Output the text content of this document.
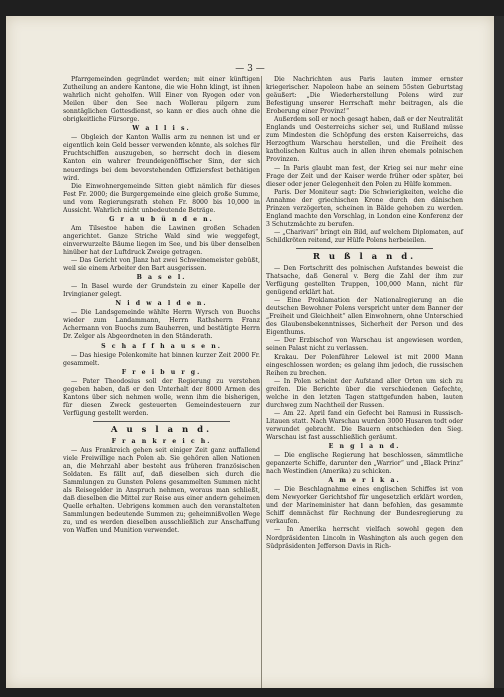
— 3 —

Pfarrgemeinden gegründet werden; mit einer künftigen Zutheilung an andere Kantone, die wie Hohn klingt, ist ihnen wahrlich nicht geholfen. Will Einer von Ryogen oder von Meilen über den See nach Wollerau pilgern zum sonntäglichen Gottesdienst, so kann er dies auch ohne die obrigkeitliche Fürsorge.

W a l l i s.

— Obgleich der Kanton Wallis arm zu nennen ist und er eigentlich kein Geld besser verwenden könnte, als solches für Fruchtschiffen auszugeben, so herrscht doch in diesem Kanton ein wahrer freundeigenöffischer Sinn, der sich neuerdings bei dem bevorstehenden Offiziersfest bethätigen wird.

Die Einwohnergemeinde Sitten giebt nämlich für dieses Fest Fr. 2000; die Burgergemeinde eine gleich große Summe, und vom Regierungsrath stehen Fr. 8000 bis 10,000 in Aussicht. Wahrlich nicht unbedeutende Beträge.

G r a u b ü n d e n.

Am Tilsestoe haben die Lawinen großen Schaden angerichtet. Ganze Striche Wald sind wie weggefegt, einverwurzelte Bäume liegen im See, und bis über denselben hinüber hat der Luftdruck Zweige getragen.

— Das Gericht von Jlanz hat zwei Schweinemeister gebüßt, weil sie einem Arbeiter den Bart ausgerissen.

B a s e l.

— In Basel wurde der Grundstein zu einer Kapelle der Irvingianer gelegt.

N i d w a l d e n.

— Die Landsgemeinde wählte Herrn Wyrsch von Buochs wieder zum Landammann, Herrn Rathsherrn Franz Achermann von Buochs zum Bauherren, und bestätigte Herrn Dr. Zelger als Abgeordneten in den Ständerath.

S c h a f f h a u s e n.

— Das hiesige Polenkomite hat binnen kurzer Zeit 2000 Fr. gesammelt.

F r e i b u r g.

— Pater Theodosius soll der Regierung zu verstehen gegeben haben, daß er den Unterhalt der 8000 Armen des Kantons über sich nehmen wolle, wenn ihm die bisherigen, für diesen Zweck gesteuerten Gemeindesteuern zur Verfügung gestellt werden.

A u s l a n d.
F r a n k r e i c h.

— Aus Frankreich gehen seit einiger Zeit ganz auffallend viele Freiwillige nach Polen ab. Sie gehören allen Nationen an, die Mehrzahl aber besteht aus früheren französischen Soldaten. Es fällt auf, daß dieselben sich durch die Sammlungen zu Gunsten Polens gesammelten Summen nicht als Reisegelder in Anspruch nehmen, woraus man schließt, daß dieselben die Mittel zur Reise aus einer andern geheimen Quelle erhalten. Uebrigens kommen auch den veranstalteten Sammlungen bedeutende Summen zu; geheimnißvollen Wege zu, und es werden dieselben ausschließlich zur Anschaffung von Waffen und Munition verwendet.

Die Nachrichten aus Paris lauten immer ernster kriegerischer. Napoleon habe an seinem 55sten Geburtstag geäußert: „Die Wiederherstellung Polens wird zur Befestigung unserer Herrschaft mehr beitragen, als die Eroberung einer Provinz!“

Außerdem soll er noch gesagt haben, daß er der Neutralität Englands und Oesterreichs sicher sei, und Rußland müsse zum Mindesten die Schöpfung des ersten Kaiserreichs, das Herzogthum Warschau herstellen, und die Freiheit des katholischen Kultus auch in allen ihren ehemals polnischen Provinzen.

— In Paris glaubt man fest, der Krieg sei nur mehr eine Frage der Zeit und der Kaiser werde früher oder später, bei dieser oder jener Gelegenheit den Polen zu Hülfe kommen.

Paris. Der Moniteur sagt: Die Schwierigkeiten, welche die Annahme der griechischen Krone durch den dänischen Prinzen verzögerten, scheinen in Bälde gehoben zu werden. England machte den Vorschlag, in London eine Konferenz der 3 Schutzmächte zu berufen.

— „Charivari“ bringt ein Bild, auf welchem Diplomaten, auf Schildkröten reitend, zur Hülfe Polens herbeieilen.

R u ß l a n d.

— Den Fortschritt des polnischen Aufstandes beweist die Thatsache, daß General v. Berg die Zahl der ihm zur Verfügung gestellten Truppen, 100,000 Mann, nicht für genügend erklärt hat.

— Eine Proklamation der Nationalregierung an die deutschen Bewohner Polens verspricht unter dem Banner der „Freiheit und Gleichheit“ allen Einwohnern, ohne Unterschied des Glaubensbekenntnisses, Sicherheit der Person und des Eigenthums.

— Der Erzbischof von Warschau ist angewiesen worden, seinen Palast nicht zu verlassen.

Krakau. Der Polenführer Lelewel ist mit 2000 Mann eingeschlossen worden; es gelang ihm jedoch, die russischen Reihen zu brechen.

— In Polen scheint der Aufstand aller Orten um sich zu greifen. Die Berichte über die verschiedenen Gefechte, welche in den letzten Tagen stattgefunden haben, lauten durchweg zum Nachtheil der Russen.

— Am 22. April fand ein Gefecht bei Ramusi in Russisch-Litauen statt. Nach Warschau wurden 3000 Husaren todt oder verwundet gebracht. Die Bauern entschieden den Sieg. Warschau ist fast ausschließlich geräumt.

E n g l a n d.

— Die englische Regierung hat beschlossen, sämmtliche gepanzerte Schiffe, darunter den „Warrior“ und „Black Prinz“ nach Westindien (Amerika) zu schicken.

A m e r i k a.

— Die Beschlagnahme eines englischen Schiffes ist von dem Newyorker Gerichtshof für ungesetzlich erklärt worden, und der Marineminister hat dann befohlen, das gesammte Schiff demnächst für Rechnung der Bundesregierung zu verkaufen.

— In Amerika herrscht vielfach sowohl gegen den Nordpräsidenten Lincoln in Washington als auch gegen den Südpräsidenten Jefferson Davis in Rich-
